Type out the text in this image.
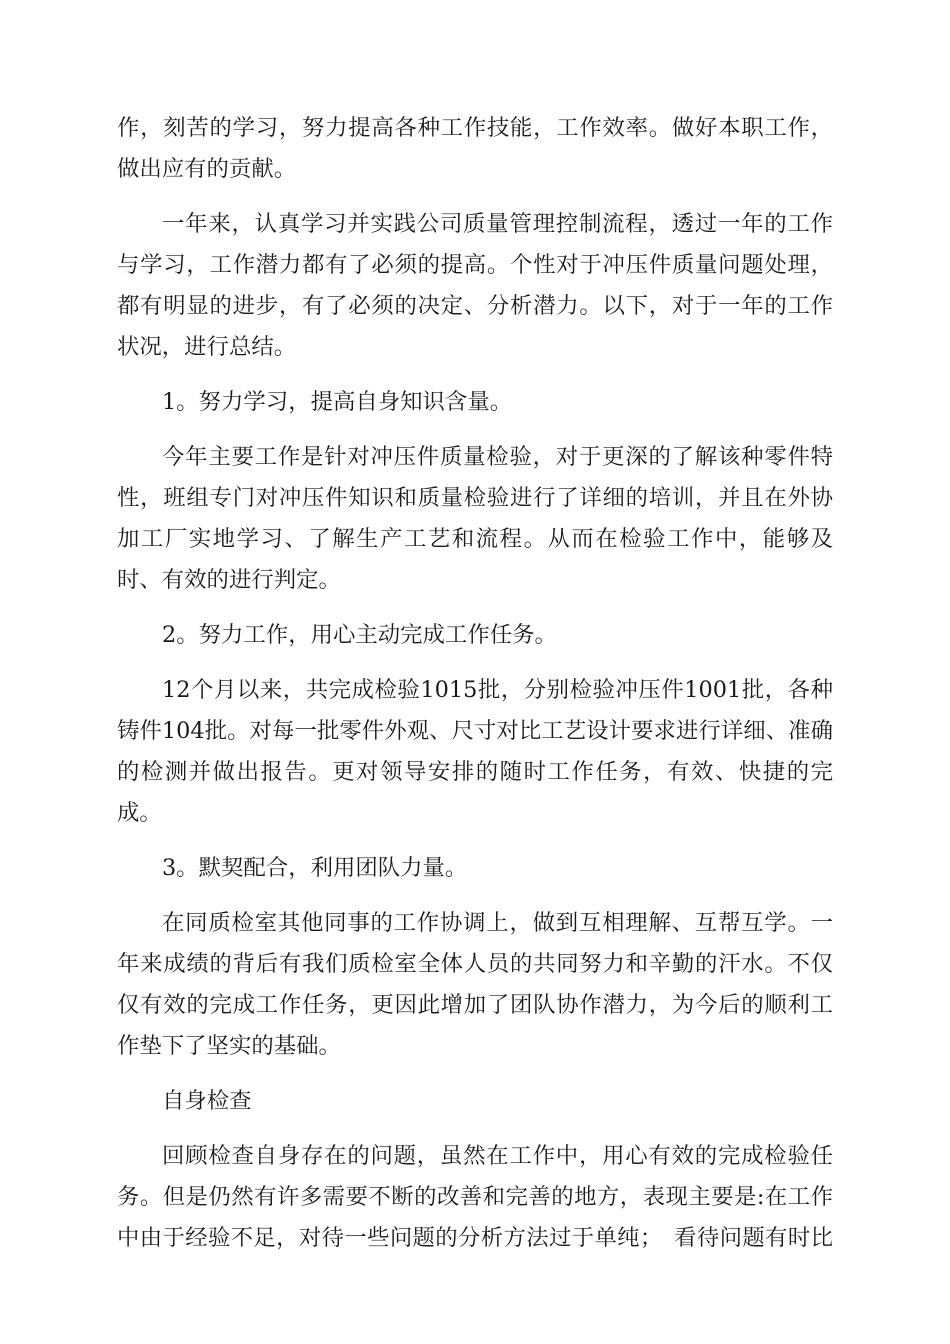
作，刻苦的学习，努力提高各种工作技能，工作效率。做好本职工作，做出应有的贡献。

一年来，认真学习并实践公司质量管理控制流程，透过一年的工作与学习，工作潜力都有了必须的提高。个性对于冲压件质量问题处理，都有明显的进步，有了必须的决定、分析潜力。以下，对于一年的工作状况，进行总结。

1。努力学习，提高自身知识含量。

今年主要工作是针对冲压件质量检验，对于更深的了解该种零件特性，班组专门对冲压件知识和质量检验进行了详细的培训，并且在外协加工厂实地学习、了解生产工艺和流程。从而在检验工作中，能够及时、有效的进行判定。

2。努力工作，用心主动完成工作任务。

12个月以来，共完成检验1015批，分别检验冲压件1001批，各种铸件104批。对每一批零件外观、尺寸对比工艺设计要求进行详细、准确的检测并做出报告。更对领导安排的随时工作任务，有效、快捷的完成。

3。默契配合，利用团队力量。

在同质检室其他同事的工作协调上，做到互相理解、互帮互学。一年来成绩的背后有我们质检室全体人员的共同努力和辛勤的汗水。不仅仅有效的完成工作任务，更因此增加了团队协作潜力，为今后的顺利工作垫下了坚实的基础。

自身检查

回顾检查自身存在的问题，虽然在工作中，用心有效的完成检验任务。但是仍然有许多需要不断的改善和完善的地方，表现主要是:在工作中由于经验不足，对待一些问题的分析方法过于单纯；　看待问题有时比
